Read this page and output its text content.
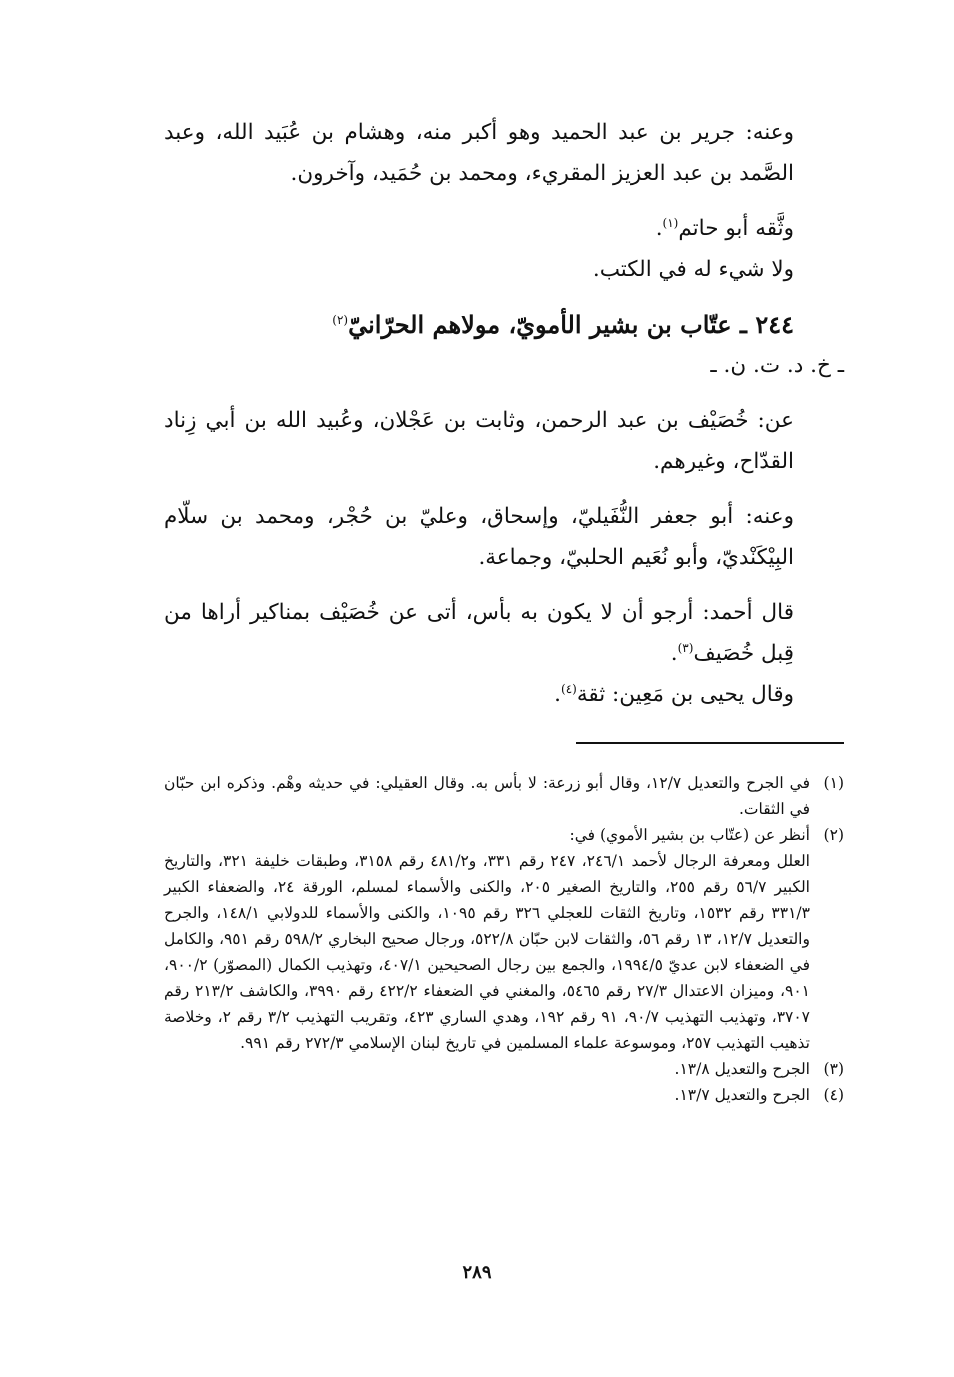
وعنه: جرير بن عبد الحميد وهو أكبر منه، وهشام بن عُبَيد الله، وعبد الصَّمد بن عبد العزيز المقريء، ومحمد بن حُمَيد، وآخرون.

وثَّقه أبو حاتم$^{(١)}$.

ولا شيء له في الكتب.

٢٤٤ ـ عتّاب بن بشير الأمويّ، مولاهم الحرّانيّ$^{(٢)}$

ـ خ. د. ت. ن. ـ

عن: خُصَيْف بن عبد الرحمن، وثابت بن عَجْلان، وعُبيد الله بن أبي زِناد القدّاح، وغيرهم.

وعنه: أبو جعفر النُّفَيليّ، وإسحاق، وعليّ بن حُجْر، ومحمد بن سلّام البِيْكَنْديّ، وأبو نُعَيم الحلبيّ، وجماعة.

قال أحمد: أرجو أن لا يكون به بأس، أتى عن خُصَيْف بمناكير أراها من قِبل خُصَيف$^{(٣)}$.

وقال يحيى بن مَعِين: ثقة$^{(٤)}$.

(١)

في الجرح والتعديل ١٢/٧، وقال أبو زرعة: لا بأس به. وقال العقيلي: في حديثه وهْم. وذكره ابن حبّان في الثقات.

(٢)

أنظر عن (عتّاب بن بشير الأموي) في:

العلل ومعرفة الرجال لأحمد ٢٤٦/١، ٢٤٧ رقم ٣٣١، و٤٨١/٢ رقم ٣١٥٨، وطبقات خليفة ٣٢١، والتاريخ الكبير ٥٦/٧ رقم ٢٥٥، والتاريخ الصغير ٢٠٥، والكنى والأسماء لمسلم، الورقة ٢٤، والضعفاء الكبير ٣٣١/٣ رقم ١٥٣٢، وتاريخ الثقات للعجلي ٣٢٦ رقم ١٠٩٥، والكنى والأسماء للدولابي ١٤٨/١، والجرح والتعديل ١٢/٧، ١٣ رقم ٥٦، والثقات لابن حبّان ٥٢٢/٨، ورجال صحيح البخاري ٥٩٨/٢ رقم ٩٥١، والكامل في الضعفاء لابن عديّ ١٩٩٤/٥، والجمع بين رجال الصحيحين ٤٠٧/١، وتهذيب الكمال (المصوّر) ٩٠٠/٢، ٩٠١، وميزان الاعتدال ٢٧/٣ رقم ٥٤٦٥، والمغني في الضعفاء ٤٢٢/٢ رقم ٣٩٩٠، والكاشف ٢١٣/٢ رقم ٣٧٠٧، وتهذيب التهذيب ٩٠/٧، ٩١ رقم ١٩٢، وهدي الساري ٤٢٣، وتقريب التهذيب ٣/٢ رقم ٢، وخلاصة تذهيب التهذيب ٢٥٧، وموسوعة علماء المسلمين في تاريخ لبنان الإسلامي ٢٧٢/٣ رقم ٩٩١.

(٣)

الجرح والتعديل ١٣/٨.

(٤)

الجرح والتعديل ١٣/٧.

٢٨٩
